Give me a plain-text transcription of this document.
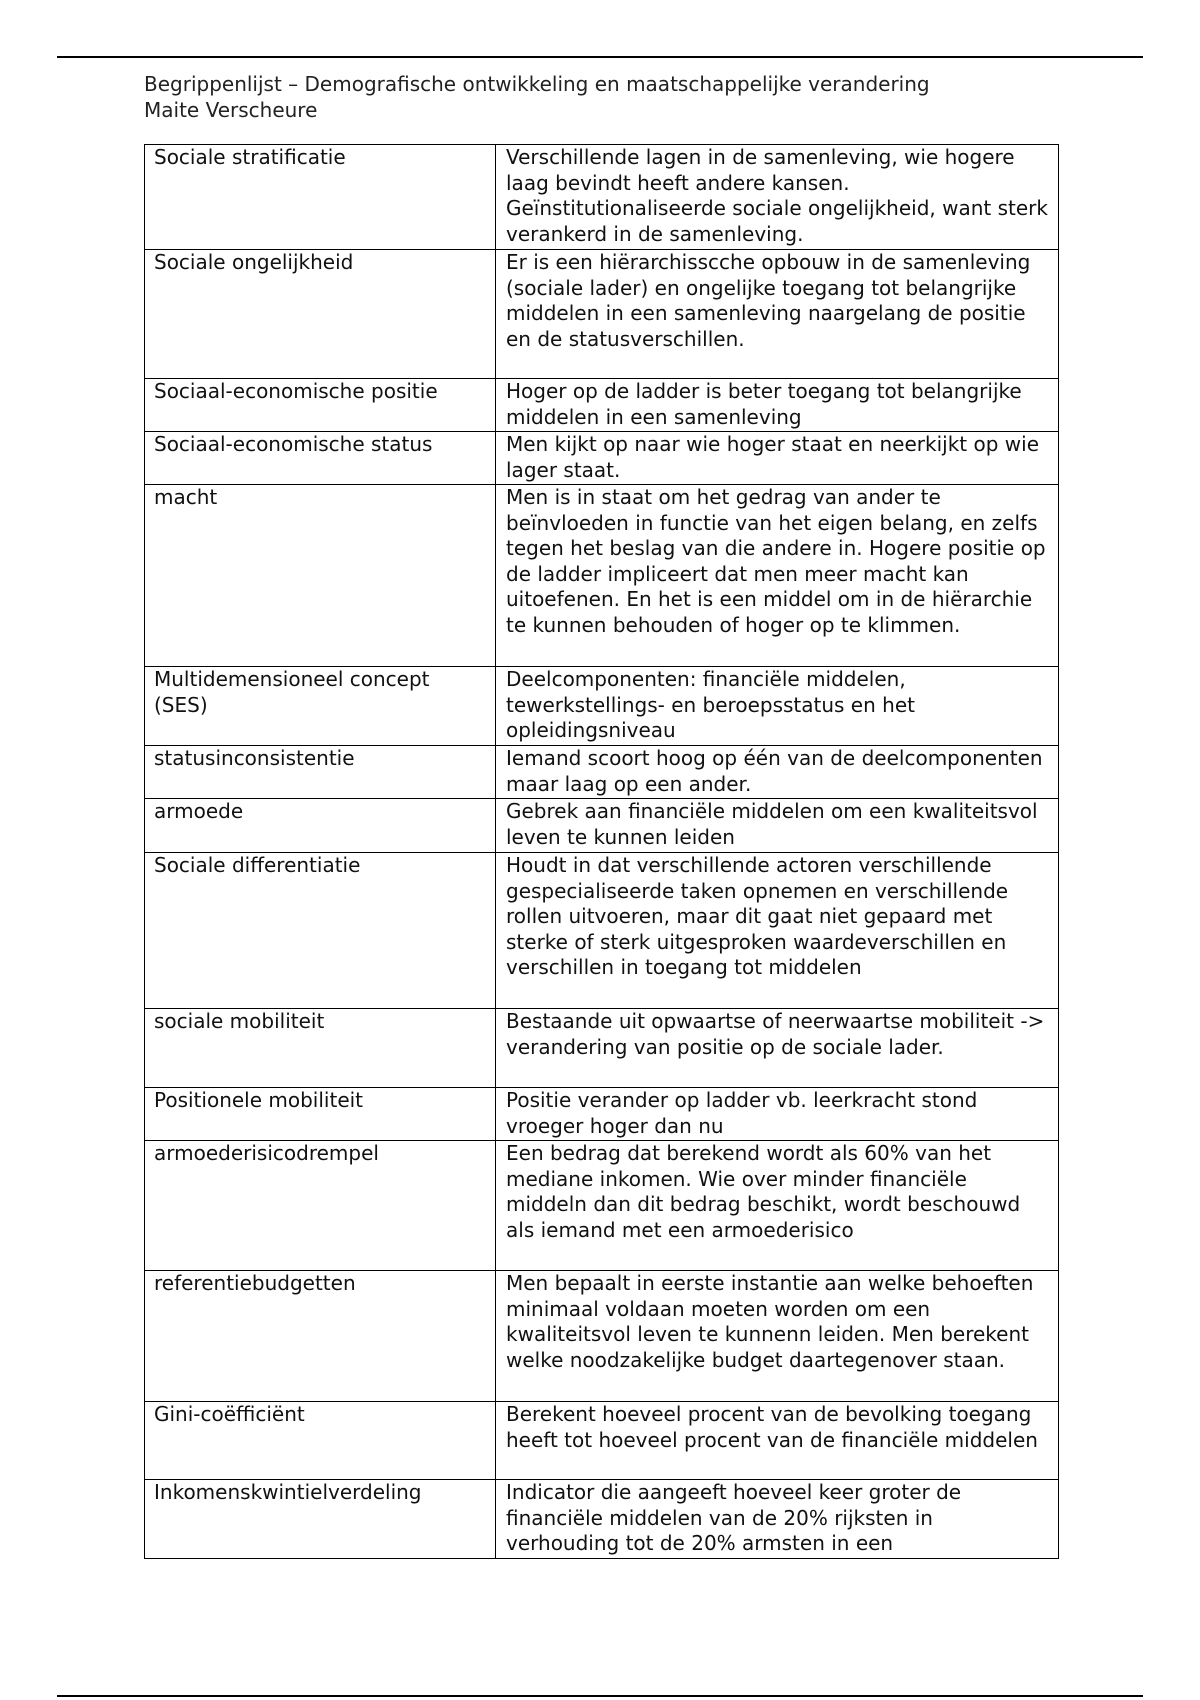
Begrippenlijst – Demografische ontwikkeling en maatschappelijke verandering
Maite Verscheure
Sociale stratificatie	Verschillende lagen in de samenleving, wie hogere laag bevindt heeft andere kansen. Geïnstitutionaliseerde sociale ongelijkheid, want sterk verankerd in de samenleving.
Sociale ongelijkheid	Er is een hiërarchisscche opbouw in de samenleving (sociale lader) en ongelijke toegang tot belangrijke middelen in een samenleving naargelang de positie en de statusverschillen.
Sociaal-economische positie	Hoger op de ladder is beter toegang tot belangrijke middelen in een samenleving
Sociaal-economische status	Men kijkt op naar wie hoger staat en neerkijkt op wie lager staat.
macht	Men is in staat om het gedrag van ander te beïnvloeden in functie van het eigen belang, en zelfs tegen het beslag van die andere in. Hogere positie op de ladder impliceert dat men meer macht kan uitoefenen. En het is een middel om in de hiërarchie te kunnen behouden of hoger op te klimmen.
Multidemensioneel concept (SES)	Deelcomponenten: financiële middelen, tewerkstellings- en beroepsstatus en het opleidingsniveau
statusinconsistentie	Iemand scoort hoog op één van de deelcomponenten maar laag op een ander.
armoede	Gebrek aan financiële middelen om een kwaliteitsvol leven te kunnen leiden
Sociale differentiatie	Houdt in dat verschillende actoren verschillende gespecialiseerde taken opnemen en verschillende rollen uitvoeren, maar dit gaat niet gepaard met sterke of sterk uitgesproken waardeverschillen en verschillen in toegang tot middelen
sociale mobiliteit	Bestaande uit opwaartse of neerwaartse mobiliteit -> verandering van positie op de sociale lader.
Positionele mobiliteit	Positie verander op ladder vb. leerkracht stond vroeger hoger dan nu
armoederisicodrempel	Een bedrag dat berekend wordt als 60% van het mediane inkomen. Wie over minder financiële middeln dan dit bedrag beschikt, wordt beschouwd als iemand met een armoederisico
referentiebudgetten	Men bepaalt in eerste instantie aan welke behoeften minimaal voldaan moeten worden om een kwaliteitsvol leven te kunnenn leiden. Men berekent welke noodzakelijke budget daartegenover staan.
Gini-coëfficiënt	Berekent hoeveel procent van de bevolking toegang heeft tot hoeveel procent van de financiële middelen
Inkomenskwintielverdeling	Indicator die aangeeft hoeveel keer groter de financiële middelen van de 20% rijksten in verhouding tot de 20% armsten in een
